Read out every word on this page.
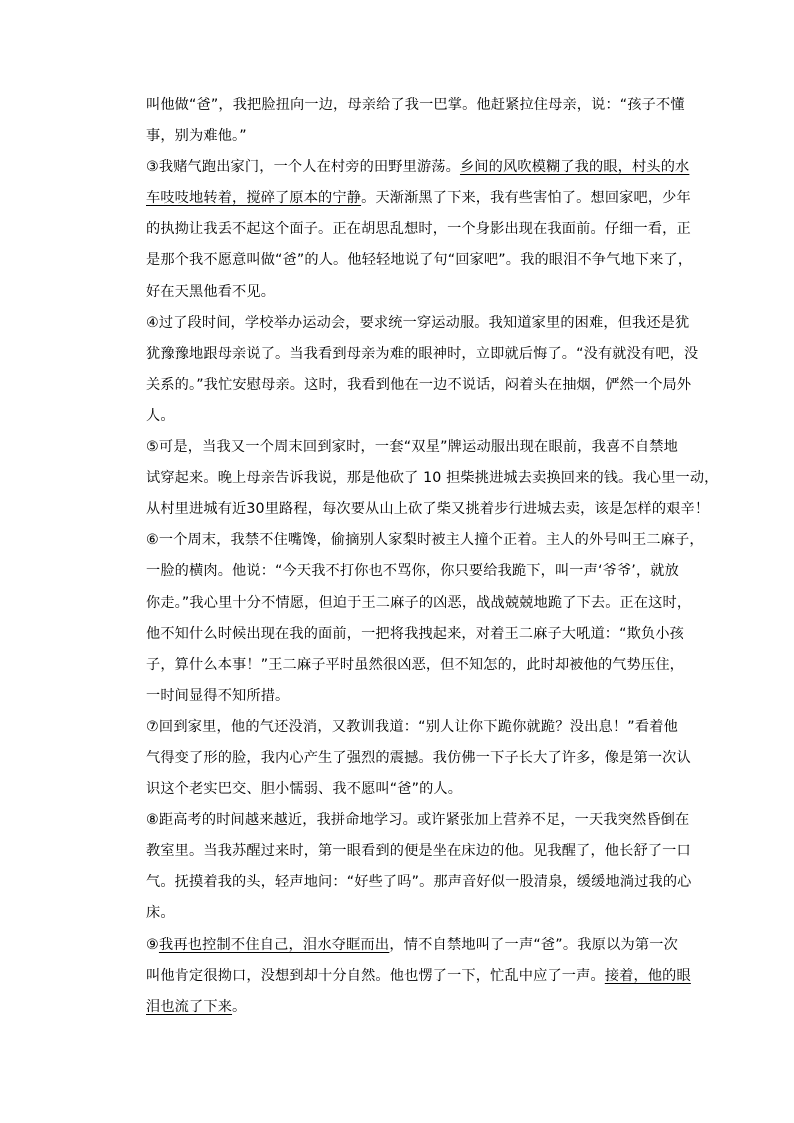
叫他做“爸”，我把脸扭向一边，母亲给了我一巴掌。他赶紧拉住母亲，说：“孩子不懂
事，别为难他。”
③我赌气跑出家门，一个人在村旁的田野里游荡。乡间的风吹模糊了我的眼，村头的水
车吱吱地转着，搅碎了原本的宁静。天渐渐黑了下来，我有些害怕了。想回家吧，少年
的执拗让我丢不起这个面子。正在胡思乱想时，一个身影出现在我面前。仔细一看，正
是那个我不愿意叫做“爸”的人。他轻轻地说了句“回家吧”。我的眼泪不争气地下来了，
好在天黑他看不见。
④过了段时间，学校举办运动会，要求统一穿运动服。我知道家里的困难，但我还是犹
犹豫豫地跟母亲说了。当我看到母亲为难的眼神时，立即就后悔了。“没有就没有吧，没
关系的。”我忙安慰母亲。这时，我看到他在一边不说话，闷着头在抽烟，俨然一个局外
人。
⑤可是，当我又一个周末回到家时，一套“双星”牌运动服出现在眼前，我喜不自禁地
试穿起来。晚上母亲告诉我说，那是他砍了 10 担柴挑进城去卖换回来的钱。我心里一动，
从村里进城有近30里路程，每次要从山上砍了柴又挑着步行进城去卖，该是怎样的艰辛！
⑥一个周末，我禁不住嘴馋，偷摘别人家梨时被主人撞个正着。主人的外号叫王二麻子，
一脸的横肉。他说：“今天我不打你也不骂你，你只要给我跪下，叫一声‘爷爷’，就放
你走。”我心里十分不情愿，但迫于王二麻子的凶恶，战战兢兢地跪了下去。正在这时，
他不知什么时候出现在我的面前，一把将我拽起来，对着王二麻子大吼道：“欺负小孩
子，算什么本事！”王二麻子平时虽然很凶恶，但不知怎的，此时却被他的气势压住，
一时间显得不知所措。
⑦回到家里，他的气还没消，又教训我道：“别人让你下跪你就跪？没出息！”看着他
气得变了形的脸，我内心产生了强烈的震撼。我仿佛一下子长大了许多，像是第一次认
识这个老实巴交、胆小懦弱、我不愿叫“爸”的人。
⑧距高考的时间越来越近，我拼命地学习。或许紧张加上营养不足，一天我突然昏倒在
教室里。当我苏醒过来时，第一眼看到的便是坐在床边的他。见我醒了，他长舒了一口
气。抚摸着我的头，轻声地问：“好些了吗”。那声音好似一股清泉，缓缓地淌过我的心
床。
⑨我再也控制不住自己，泪水夺眶而出，情不自禁地叫了一声“爸”。我原以为第一次
叫他肯定很拗口，没想到却十分自然。他也愣了一下，忙乱中应了一声。接着，他的眼
泪也流了下来。
